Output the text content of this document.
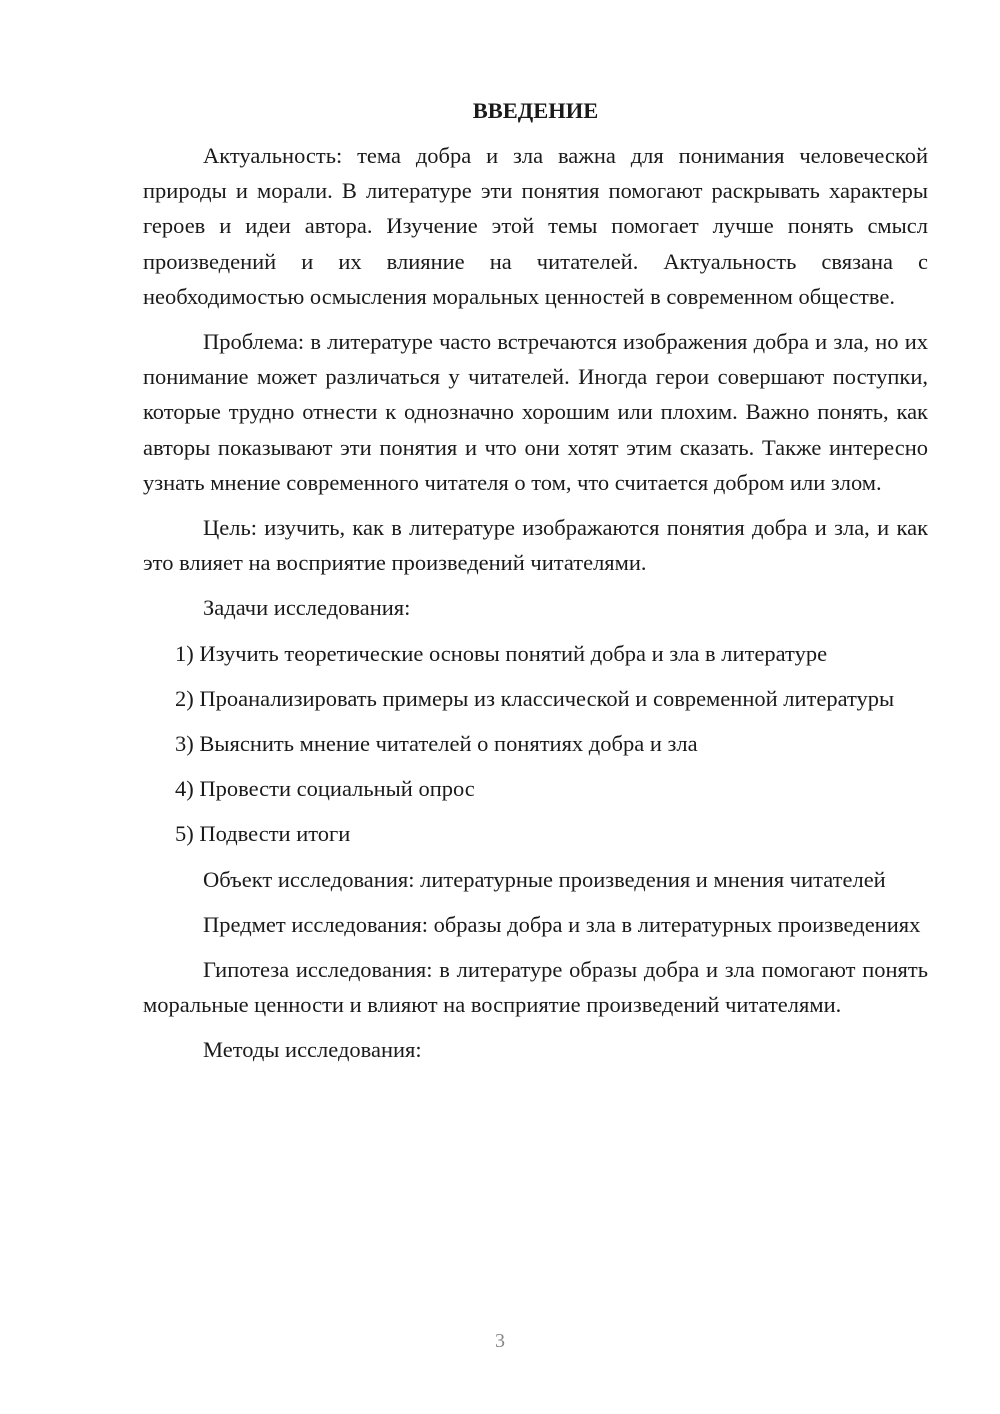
ВВЕДЕНИЕ

Актуальность: тема добра и зла важна для понимания человеческой природы и морали. В литературе эти понятия помогают раскрывать характеры героев и идеи автора. Изучение этой темы помогает лучше понять смысл произведений и их влияние на читателей. Актуальность связана с необходимостью осмысления моральных ценностей в современном обществе.

Проблема: в литературе часто встречаются изображения добра и зла, но их понимание может различаться у читателей. Иногда герои совершают поступки, которые трудно отнести к однозначно хорошим или плохим. Важно понять, как авторы показывают эти понятия и что они хотят этим сказать. Также интересно узнать мнение современного читателя о том, что считается добром или злом.

Цель: изучить, как в литературе изображаются понятия добра и зла, и как это влияет на восприятие произведений читателями.

Задачи исследования:

1) Изучить теоретические основы понятий добра и зла в литературе

2) Проанализировать примеры из классической и современной литературы

3) Выяснить мнение читателей о понятиях добра и зла

4) Провести социальный опрос

5) Подвести итоги

Объект исследования: литературные произведения и мнения читателей

Предмет исследования: образы добра и зла в литературных произведениях

Гипотеза исследования: в литературе образы добра и зла помогают понять моральные ценности и влияют на восприятие произведений читателями.

Методы исследования:

3
